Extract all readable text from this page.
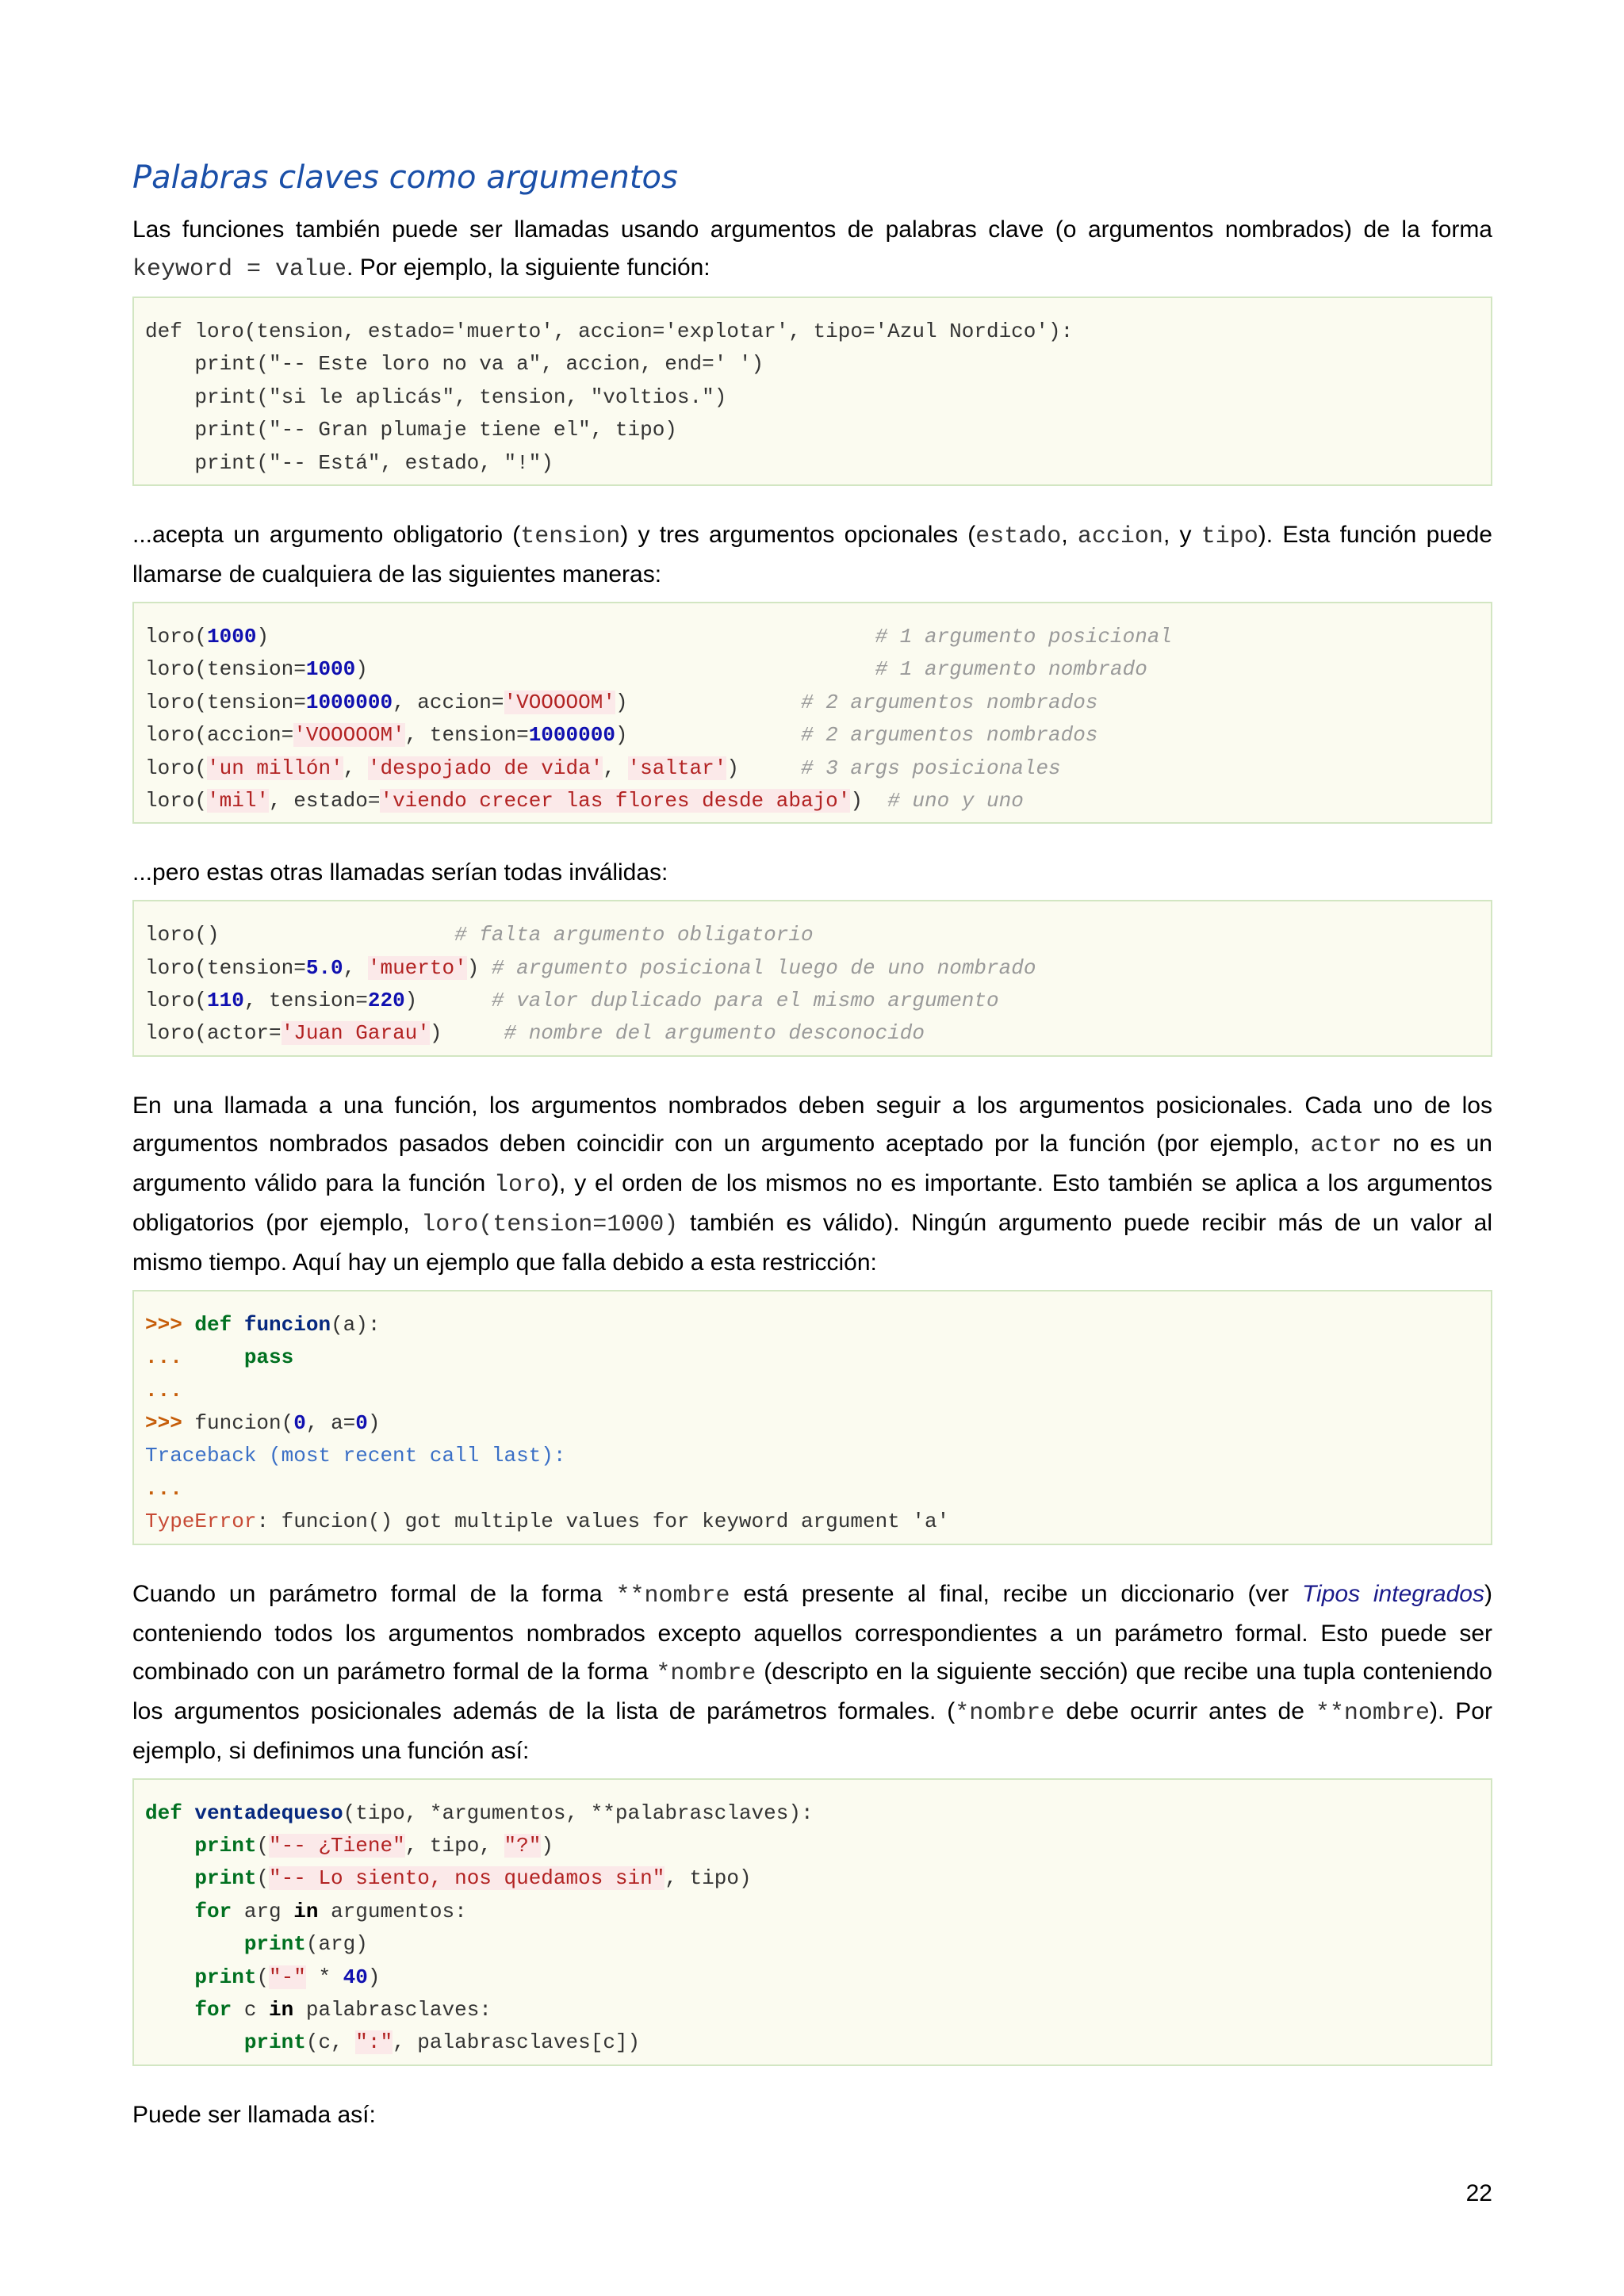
Palabras claves como argumentos

Las funciones también puede ser llamadas usando argumentos de palabras clave (o argumentos nombrados) de la forma keyword = value. Por ejemplo, la siguiente función:

def loro(tension, estado='muerto', accion='explotar', tipo='Azul Nordico'):
print("-- Este loro no va a", accion, end=' ')
print("si le aplicás", tension, "voltios.")
print("-- Gran plumaje tiene el", tipo)
print("-- Está", estado, "!")

...acepta un argumento obligatorio (tension) y tres argumentos opcionales (estado, accion, y tipo). Esta función puede llamarse de cualquiera de las siguientes maneras:

loro(1000)	# 1 argumento posicional
loro(tension=1000)	# 1 argumento nombrado
loro(tension=1000000, accion='VOOOOOM')	# 2 argumentos nombrados
loro(accion='VOOOOOM', tension=1000000)	# 2 argumentos nombrados
loro('un millón', 'despojado de vida', 'saltar')	# 3 args posicionales
loro('mil', estado='viendo crecer las flores desde abajo') # uno y uno

...pero estas otras llamadas serían todas inválidas:

loro()	# falta argumento obligatorio
loro(tension=5.0, 'muerto') # argumento posicional luego de uno nombrado
loro(110, tension=220)	# valor duplicado para el mismo argumento
loro(actor='Juan Garau')	# nombre del argumento desconocido

En una llamada a una función, los argumentos nombrados deben seguir a los argumentos posicionales. Cada uno de los argumentos nombrados pasados deben coincidir con un argumento aceptado por la función (por ejemplo, actor no es un argumento válido para la función loro), y el orden de los mismos no es importante. Esto también se aplica a los argumentos obligatorios (por ejemplo, loro(tension=1000) también es válido). Ningún argumento puede recibir más de un valor al mismo tiempo. Aquí hay un ejemplo que falla debido a esta restricción:

>>> def funcion(a):
...	pass
...
>>> funcion(0, a=0)
Traceback (most recent call last):
...
TypeError: funcion() got multiple values for keyword argument 'a'

Cuando un parámetro formal de la forma **nombre está presente al final, recibe un diccionario (ver Tipos integrados) conteniendo todos los argumentos nombrados excepto aquellos correspondientes a un parámetro formal. Esto puede ser combinado con un parámetro formal de la forma *nombre (descripto en la siguiente sección) que recibe una tupla conteniendo los argumentos posicionales además de la lista de parámetros formales. (*nombre debe ocurrir antes de **nombre). Por ejemplo, si definimos una función así:

def ventadequeso(tipo, *argumentos, **palabrasclaves):
print("-- ¿Tiene", tipo, "?")
print("-- Lo siento, nos quedamos sin", tipo)
for arg in argumentos:
print(arg)
print("-" * 40)
for c in palabrasclaves:
print(c, ":", palabrasclaves[c])

Puede ser llamada así:

22
